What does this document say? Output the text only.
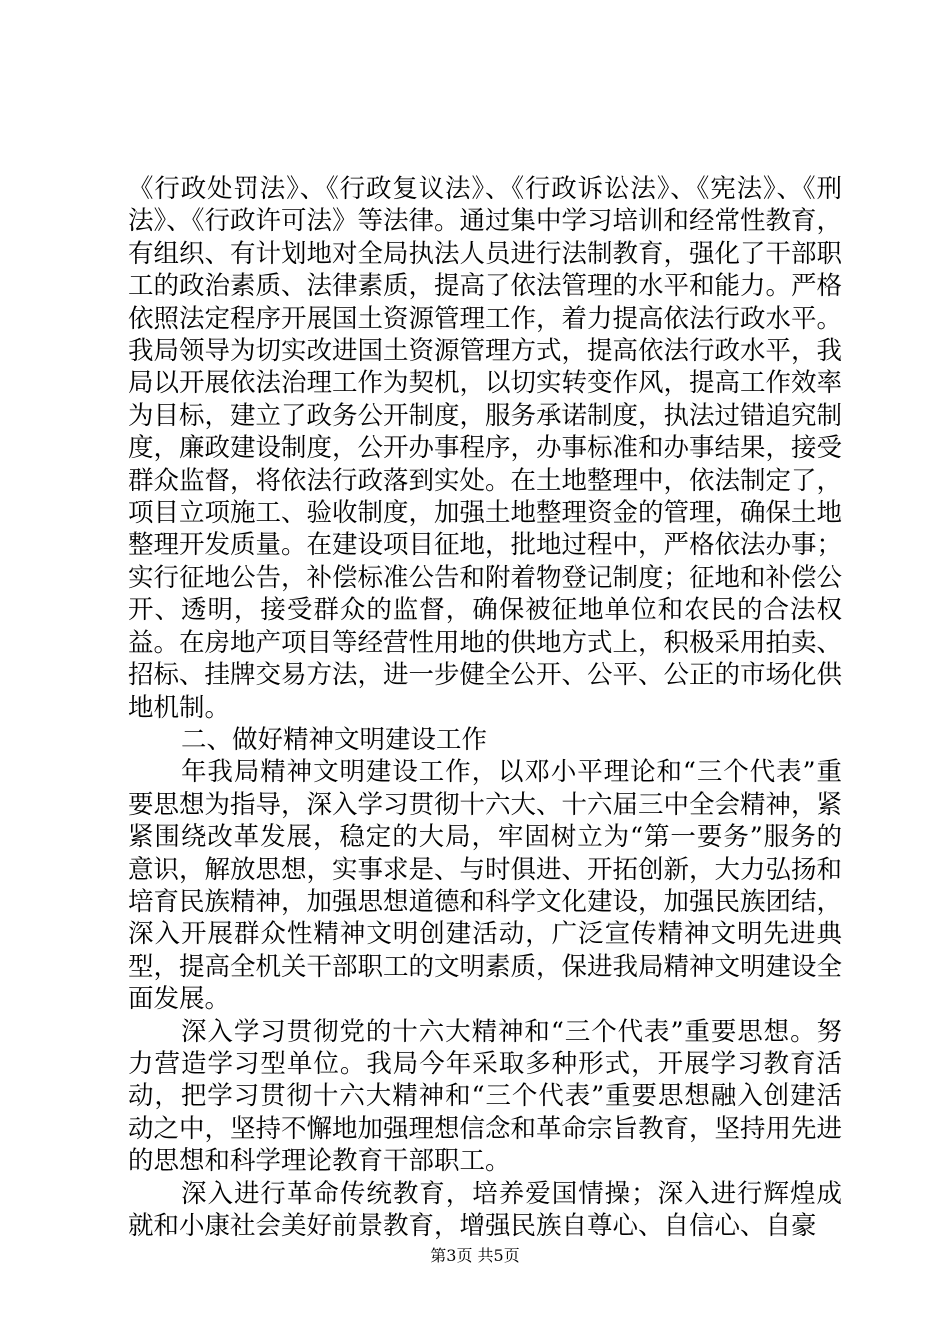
《行政处罚法》、《行政复议法》、《行政诉讼法》、《宪法》、《刑法》、《行政许可法》等法律。通过集中学习培训和经常性教育，有组织、有计划地对全局执法人员进行法制教育，强化了干部职工的政治素质、法律素质，提高了依法管理的水平和能力。严格依照法定程序开展国土资源管理工作，着力提高依法行政水平。我局领导为切实改进国土资源管理方式，提高依法行政水平，我局以开展依法治理工作为契机，以切实转变作风，提高工作效率为目标，建立了政务公开制度，服务承诺制度，执法过错追究制度，廉政建设制度，公开办事程序，办事标准和办事结果，接受群众监督，将依法行政落到实处。在土地整理中，依法制定了，项目立项施工、验收制度，加强土地整理资金的管理，确保土地整理开发质量。在建设项目征地，批地过程中，严格依法办事；实行征地公告，补偿标准公告和附着物登记制度；征地和补偿公开、透明，接受群众的监督，确保被征地单位和农民的合法权益。在房地产项目等经营性用地的供地方式上，积极采用拍卖、招标、挂牌交易方法，进一步健全公开、公平、公正的市场化供地机制。

二、做好精神文明建设工作

年我局精神文明建设工作，以邓小平理论和“三个代表”重要思想为指导，深入学习贯彻十六大、十六届三中全会精神，紧紧围绕改革发展，稳定的大局，牢固树立为“第一要务”服务的意识，解放思想，实事求是、与时俱进、开拓创新，大力弘扬和培育民族精神，加强思想道德和科学文化建设，加强民族团结，深入开展群众性精神文明创建活动，广泛宣传精神文明先进典型，提高全机关干部职工的文明素质，保进我局精神文明建设全面发展。

深入学习贯彻党的十六大精神和“三个代表”重要思想。努力营造学习型单位。我局今年采取多种形式，开展学习教育活动，把学习贯彻十六大精神和“三个代表”重要思想融入创建活动之中，坚持不懈地加强理想信念和革命宗旨教育，坚持用先进的思想和科学理论教育干部职工。

深入进行革命传统教育，培养爱国情操；深入进行辉煌成就和小康社会美好前景教育，增强民族自尊心、自信心、自豪

第3页 共5页
